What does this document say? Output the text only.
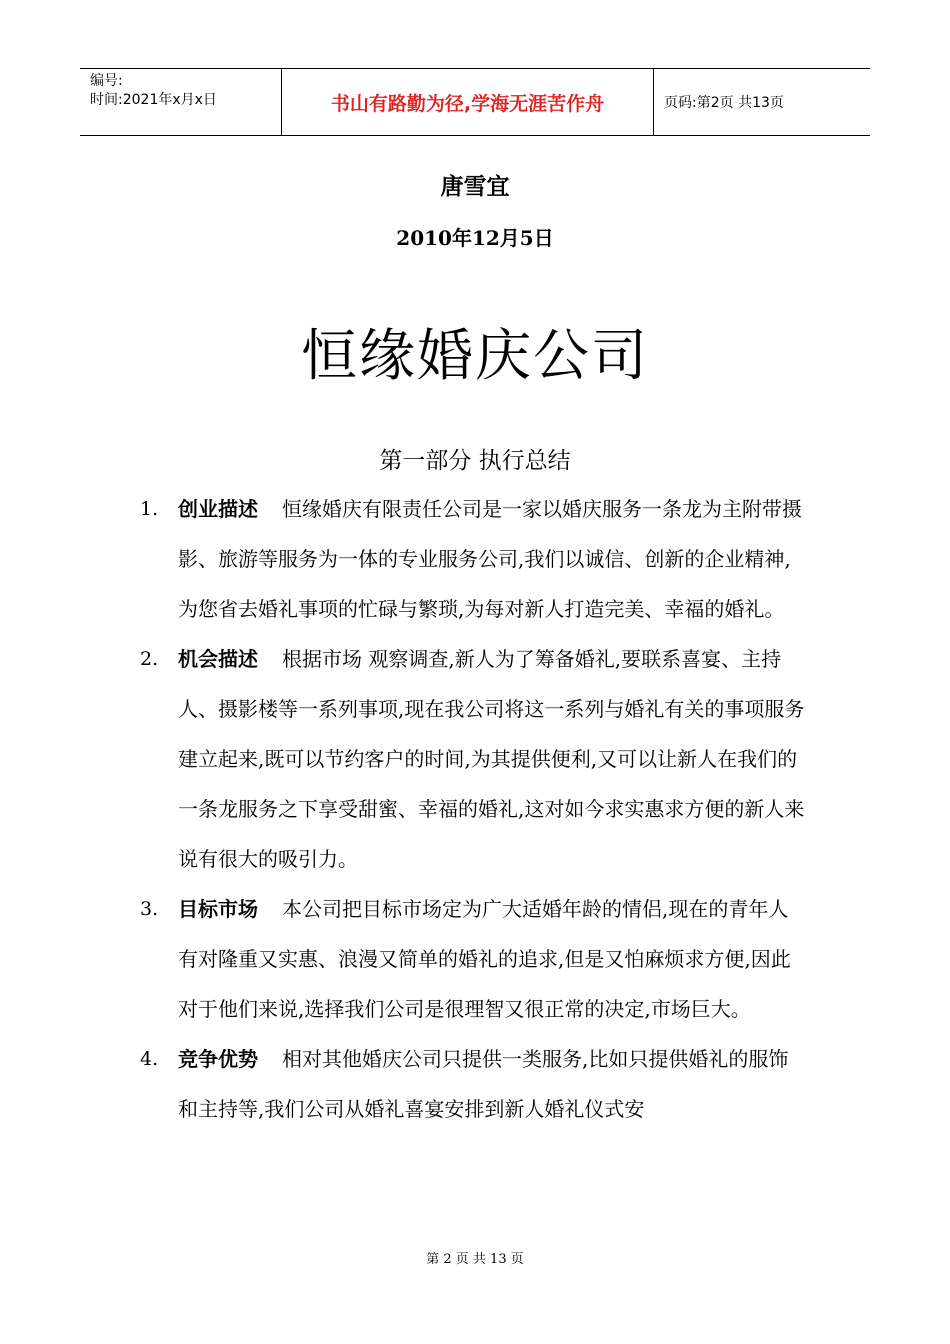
编号:
时间:2021年x月x日	书山有路勤为径,学海无涯苦作舟	页码:第2页 共13页
唐雪宜
2010年12月5日
恒缘婚庆公司
第一部分 执行总结
1. 创业描述 恒缘婚庆有限责任公司是一家以婚庆服务一条龙为主附带摄影、旅游等服务为一体的专业服务公司,我们以诚信、创新的企业精神,为您省去婚礼事项的忙碌与繁琐,为每对新人打造完美、幸福的婚礼。
2. 机会描述 根据市场 观察调查,新人为了筹备婚礼,要联系喜宴、主持人、摄影楼等一系列事项,现在我公司将这一系列与婚礼有关的事项服务建立起来,既可以节约客户的时间,为其提供便利,又可以让新人在我们的一条龙服务之下享受甜蜜、幸福的婚礼,这对如今求实惠求方便的新人来说有很大的吸引力。
3. 目标市场 本公司把目标市场定为广大适婚年龄的情侣,现在的青年人有对隆重又实惠、浪漫又简单的婚礼的追求,但是又怕麻烦求方便,因此对于他们来说,选择我们公司是很理智又很正常的决定,市场巨大。
4. 竞争优势 相对其他婚庆公司只提供一类服务,比如只提供婚礼的服饰和主持等,我们公司从婚礼喜宴安排到新人婚礼仪式安
第 2 页 共 13 页
